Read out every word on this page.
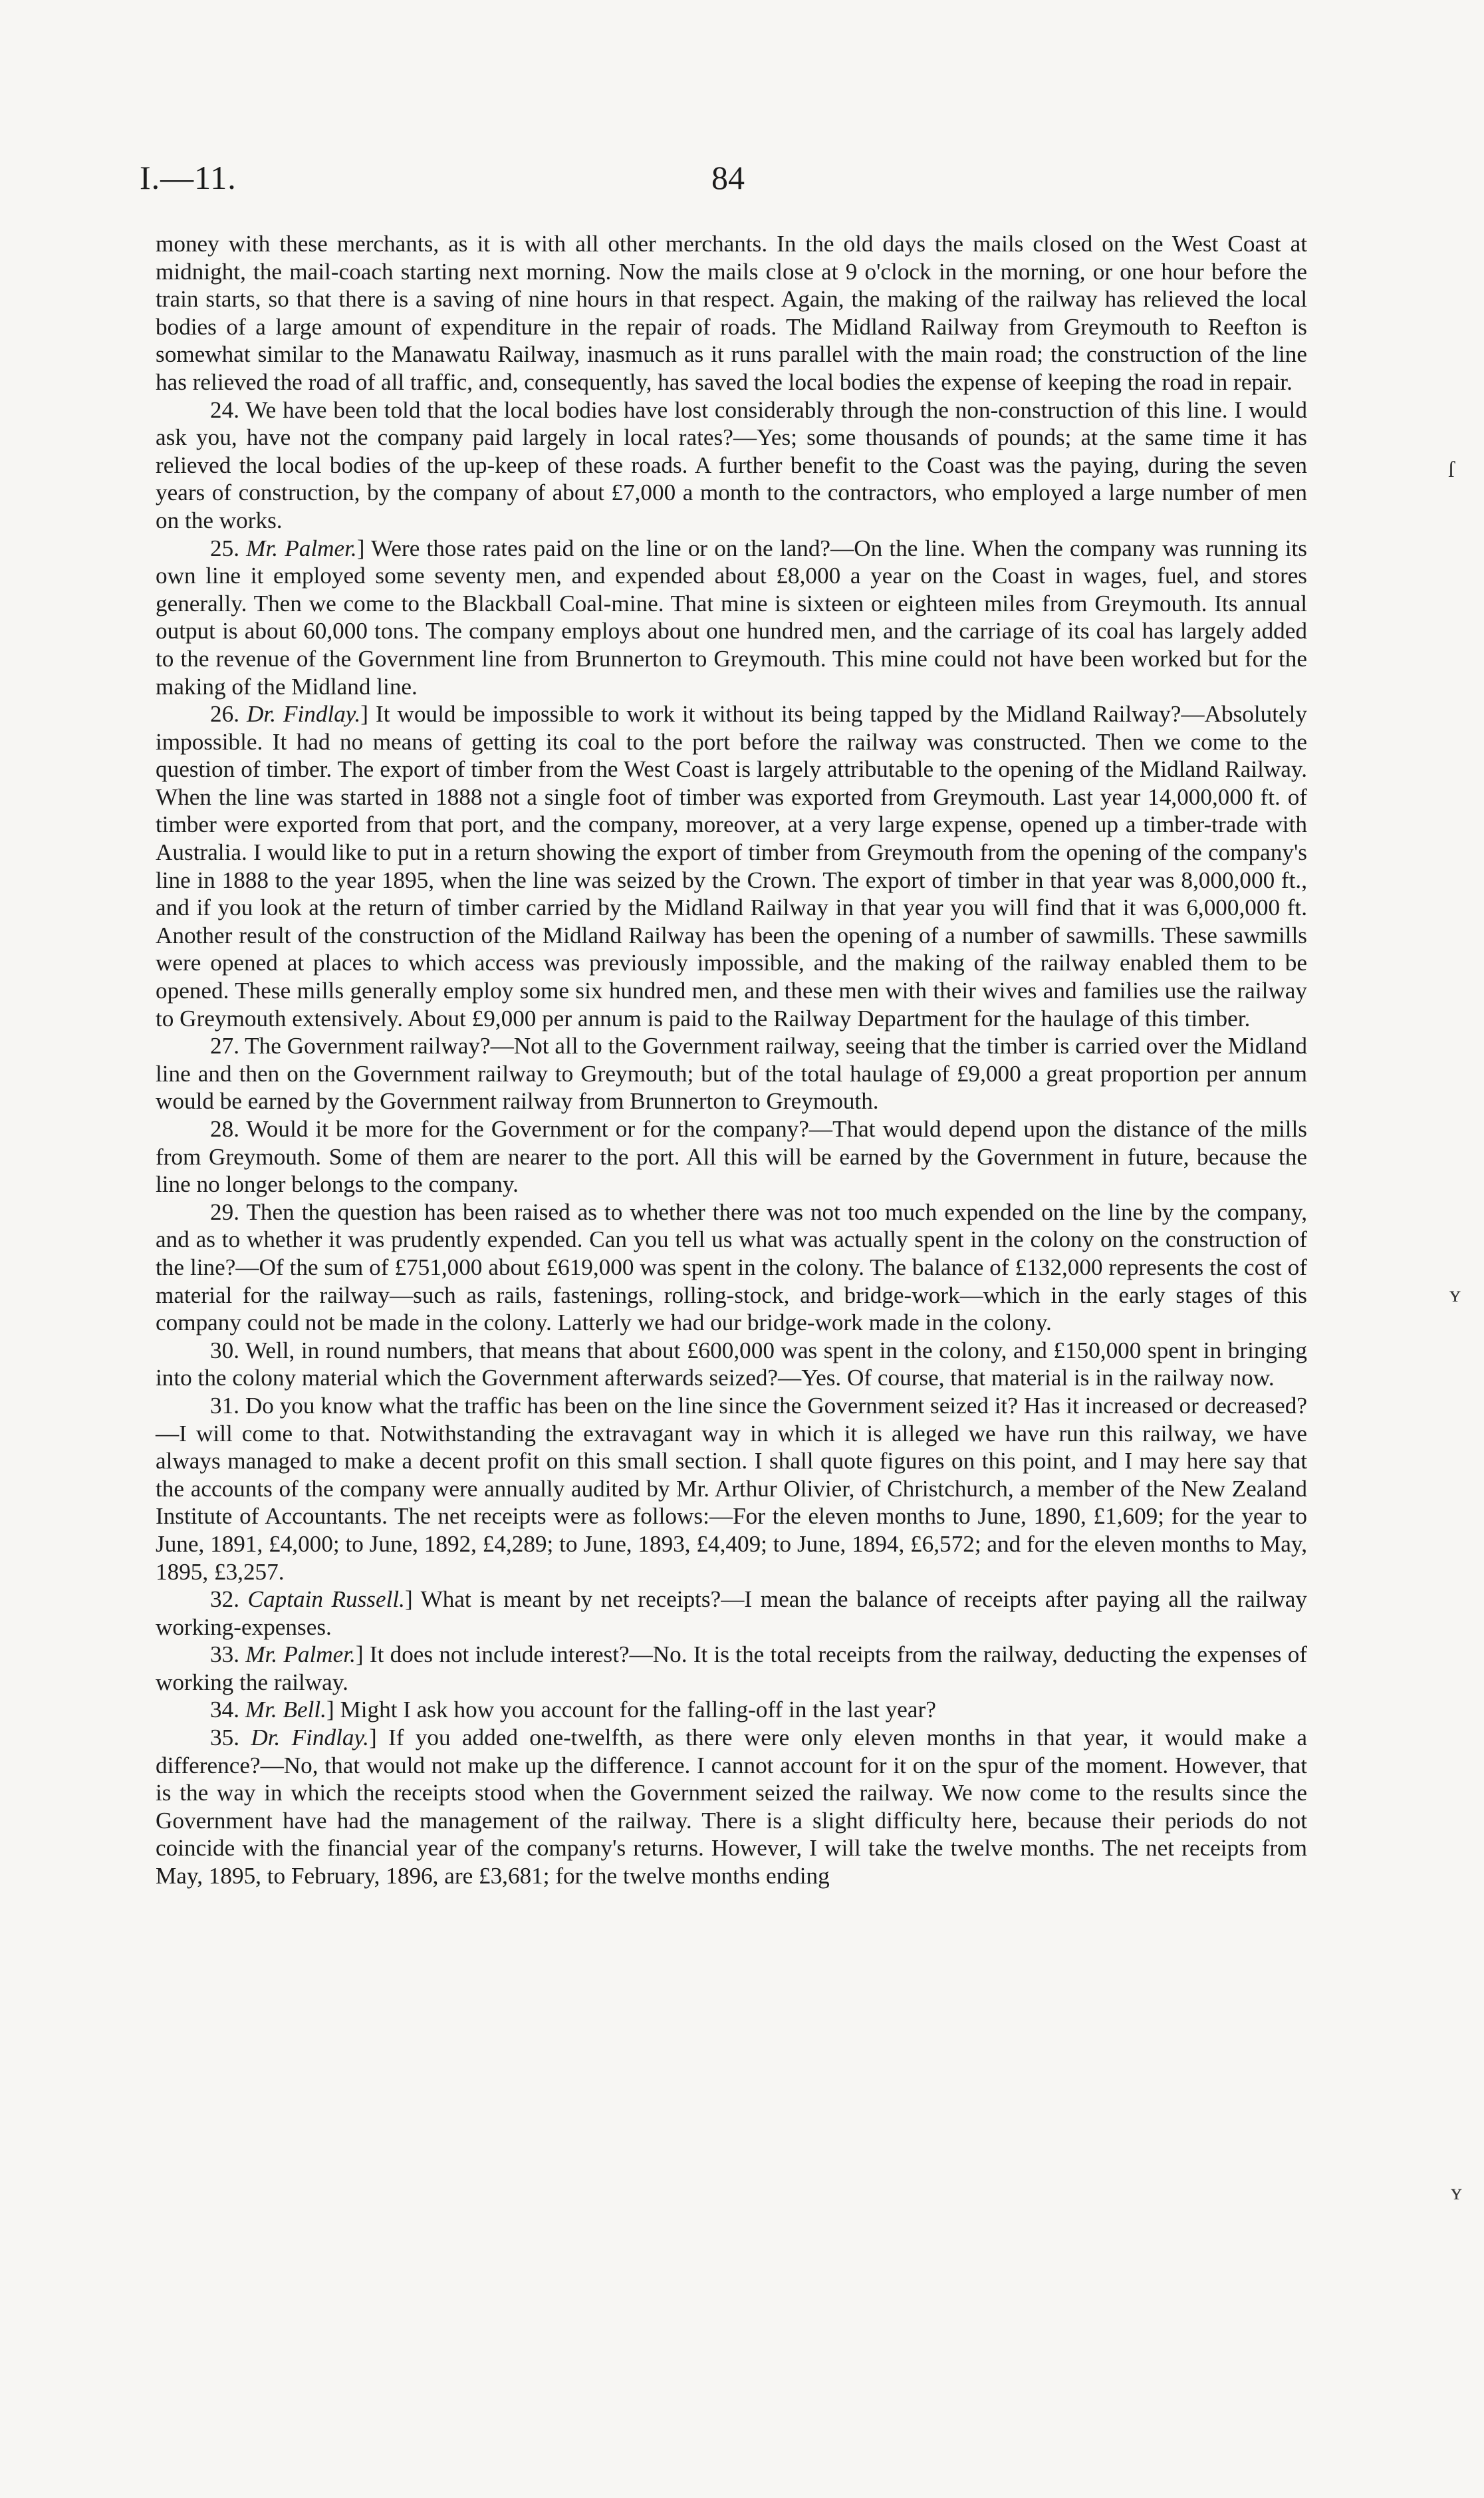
I.—11.	84
ſ
ʏ
ʏ

money with these merchants, as it is with all other merchants. In the old days the mails closed on the West Coast at midnight, the mail-coach starting next morning. Now the mails close at 9 o'clock in the morning, or one hour before the train starts, so that there is a saving of nine hours in that respect. Again, the making of the railway has relieved the local bodies of a large amount of expenditure in the repair of roads. The Midland Railway from Greymouth to Reefton is somewhat similar to the Manawatu Railway, inasmuch as it runs parallel with the main road; the construction of the line has relieved the road of all traffic, and, consequently, has saved the local bodies the expense of keeping the road in repair.

24. We have been told that the local bodies have lost considerably through the non-construction of this line. I would ask you, have not the company paid largely in local rates?—Yes; some thousands of pounds; at the same time it has relieved the local bodies of the up-keep of these roads. A further benefit to the Coast was the paying, during the seven years of construction, by the company of about £7,000 a month to the contractors, who employed a large number of men on the works.

25. Mr. Palmer.] Were those rates paid on the line or on the land?—On the line. When the company was running its own line it employed some seventy men, and expended about £8,000 a year on the Coast in wages, fuel, and stores generally. Then we come to the Blackball Coal-mine. That mine is sixteen or eighteen miles from Greymouth. Its annual output is about 60,000 tons. The company employs about one hundred men, and the carriage of its coal has largely added to the revenue of the Government line from Brunnerton to Greymouth. This mine could not have been worked but for the making of the Midland line.

26. Dr. Findlay.] It would be impossible to work it without its being tapped by the Midland Railway?—Absolutely impossible. It had no means of getting its coal to the port before the railway was constructed. Then we come to the question of timber. The export of timber from the West Coast is largely attributable to the opening of the Midland Railway. When the line was started in 1888 not a single foot of timber was exported from Greymouth. Last year 14,000,000 ft. of timber were exported from that port, and the company, moreover, at a very large expense, opened up a timber-trade with Australia. I would like to put in a return showing the export of timber from Greymouth from the opening of the company's line in 1888 to the year 1895, when the line was seized by the Crown. The export of timber in that year was 8,000,000 ft., and if you look at the return of timber carried by the Midland Railway in that year you will find that it was 6,000,000 ft. Another result of the construction of the Midland Railway has been the opening of a number of sawmills. These sawmills were opened at places to which access was previously impossible, and the making of the railway enabled them to be opened. These mills generally employ some six hundred men, and these men with their wives and families use the railway to Greymouth extensively. About £9,000 per annum is paid to the Railway Department for the haulage of this timber.

27. The Government railway?—Not all to the Government railway, seeing that the timber is carried over the Midland line and then on the Government railway to Greymouth; but of the total haulage of £9,000 a great proportion per annum would be earned by the Government railway from Brunnerton to Greymouth.

28. Would it be more for the Government or for the company?—That would depend upon the distance of the mills from Greymouth. Some of them are nearer to the port. All this will be earned by the Government in future, because the line no longer belongs to the company.

29. Then the question has been raised as to whether there was not too much expended on the line by the company, and as to whether it was prudently expended. Can you tell us what was actually spent in the colony on the construction of the line?—Of the sum of £751,000 about £619,000 was spent in the colony. The balance of £132,000 represents the cost of material for the railway—such as rails, fastenings, rolling-stock, and bridge-work—which in the early stages of this company could not be made in the colony. Latterly we had our bridge-work made in the colony.

30. Well, in round numbers, that means that about £600,000 was spent in the colony, and £150,000 spent in bringing into the colony material which the Government afterwards seized?—Yes. Of course, that material is in the railway now.

31. Do you know what the traffic has been on the line since the Government seized it? Has it increased or decreased?—I will come to that. Notwithstanding the extravagant way in which it is alleged we have run this railway, we have always managed to make a decent profit on this small section. I shall quote figures on this point, and I may here say that the accounts of the company were annually audited by Mr. Arthur Olivier, of Christchurch, a member of the New Zealand Institute of Accountants. The net receipts were as follows:—For the eleven months to June, 1890, £1,609; for the year to June, 1891, £4,000; to June, 1892, £4,289; to June, 1893, £4,409; to June, 1894, £6,572; and for the eleven months to May, 1895, £3,257.

32. Captain Russell.] What is meant by net receipts?—I mean the balance of receipts after paying all the railway working-expenses.

33. Mr. Palmer.] It does not include interest?—No. It is the total receipts from the railway, deducting the expenses of working the railway.

34. Mr. Bell.] Might I ask how you account for the falling-off in the last year?

35. Dr. Findlay.] If you added one-twelfth, as there were only eleven months in that year, it would make a difference?—No, that would not make up the difference. I cannot account for it on the spur of the moment. However, that is the way in which the receipts stood when the Government seized the railway. We now come to the results since the Government have had the management of the railway. There is a slight difficulty here, because their periods do not coincide with the financial year of the company's returns. However, I will take the twelve months. The net receipts from May, 1895, to February, 1896, are £3,681; for the twelve months ending
